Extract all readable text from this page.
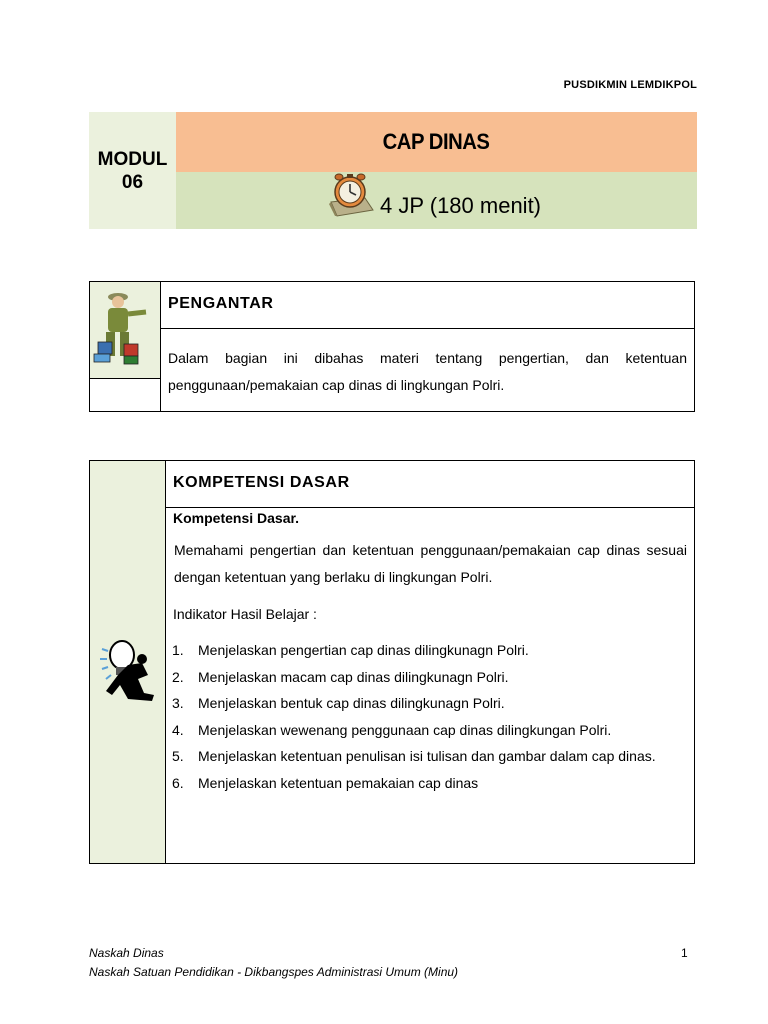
PUSDIKMIN LEMDIKPOL
MODUL
06
CAP DINAS
4 JP (180 menit)
PENGANTAR
Dalam bagian ini dibahas materi tentang pengertian, dan ketentuan penggunaan/pemakaian cap dinas di lingkungan Polri.
KOMPETENSI DASAR
Kompetensi Dasar.
Memahami pengertian dan ketentuan penggunaan/pemakaian cap dinas sesuai dengan ketentuan yang berlaku di lingkungan Polri.
Indikator Hasil Belajar :
1.	Menjelaskan pengertian cap dinas dilingkunagn Polri.
2.	Menjelaskan macam cap dinas dilingkunagn Polri.
3.	Menjelaskan bentuk cap dinas dilingkunagn Polri.
4.	Menjelaskan wewenang penggunaan cap dinas dilingkungan Polri.
5.	Menjelaskan ketentuan penulisan isi tulisan dan gambar dalam cap dinas.
6.	Menjelaskan ketentuan pemakaian cap dinas
Naskah Dinas
Naskah Satuan Pendidikan - Dikbangspes Administrasi Umum (Minu)
1
